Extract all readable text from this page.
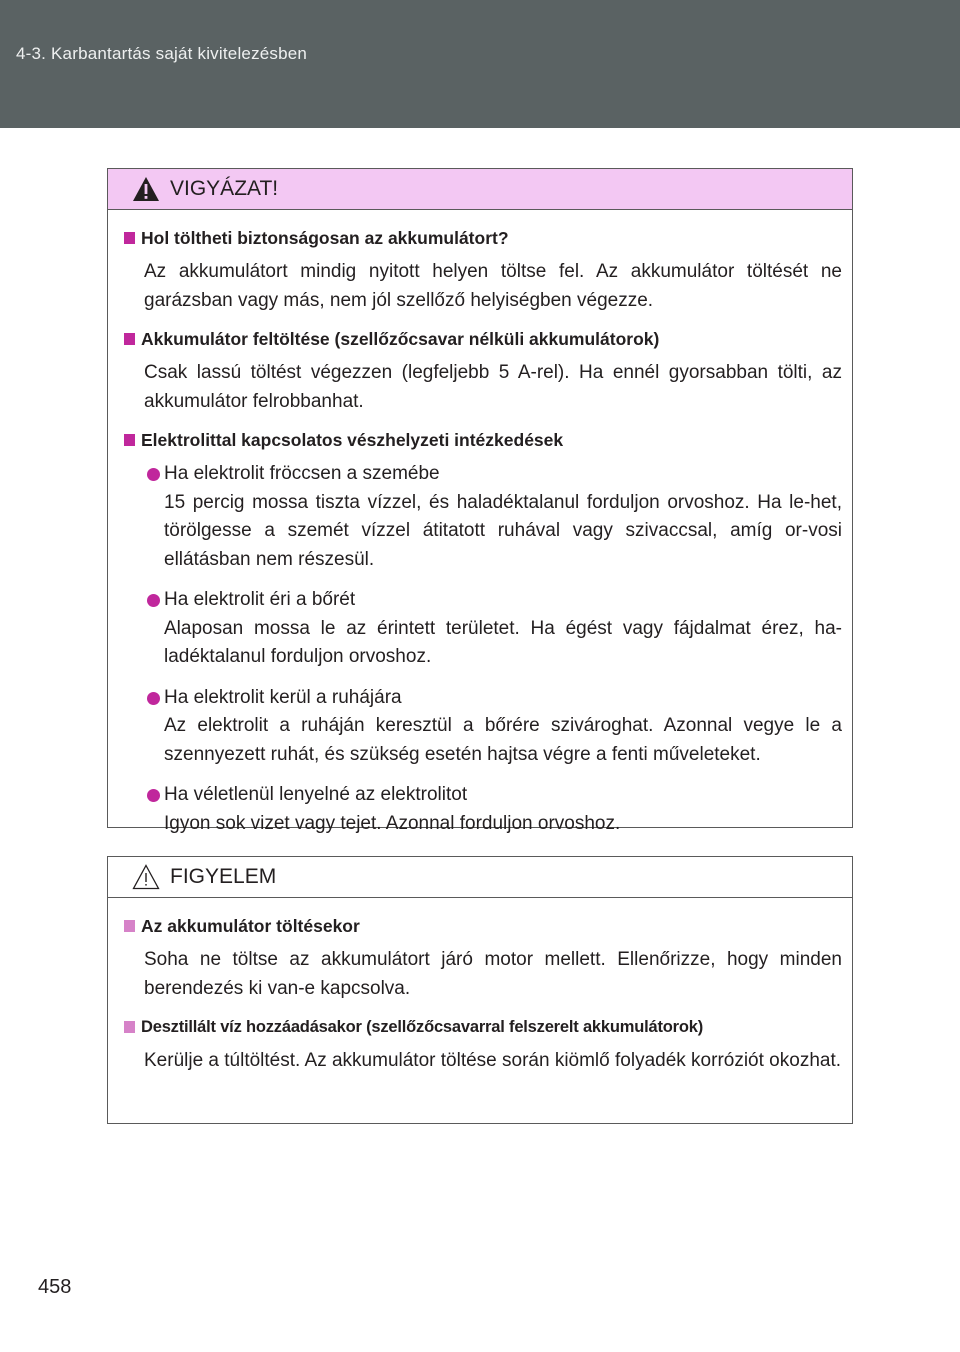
4-3. Karbantartás saját kivitelezésben
VIGYÁZAT!
Hol töltheti biztonságosan az akkumulátort?
Az akkumulátort mindig nyitott helyen töltse fel. Az akkumulátor töltését ne garázsban vagy más, nem jól szellőző helyiségben végezze.
Akkumulátor feltöltése (szellőzőcsavar nélküli akkumulátorok)
Csak lassú töltést végezzen (legfeljebb 5 A-rel). Ha ennél gyorsabban tölti, az akkumulátor felrobbanhat.
Elektrolittal kapcsolatos vészhelyzeti intézkedések
Ha elektrolit fröccsen a szemébe
15 percig mossa tiszta vízzel, és haladéktalanul forduljon orvoshoz. Ha le-het, törölgesse a szemét vízzel átitatott ruhával vagy szivaccsal, amíg or-vosi ellátásban nem részesül.
Ha elektrolit éri a bőrét
Alaposan mossa le az érintett területet. Ha égést vagy fájdalmat érez, ha-ladéktalanul forduljon orvoshoz.
Ha elektrolit kerül a ruhájára
Az elektrolit a ruháján keresztül a bőrére szivároghat. Azonnal vegye le a szennyezett ruhát, és szükség esetén hajtsa végre a fenti műveleteket.
Ha véletlenül lenyelné az elektrolitot
Igyon sok vizet vagy tejet. Azonnal forduljon orvoshoz.
FIGYELEM
Az akkumulátor töltésekor
Soha ne töltse az akkumulátort járó motor mellett. Ellenőrizze, hogy minden berendezés ki van-e kapcsolva.
Desztillált víz hozzáadásakor (szellőzőcsavarral felszerelt akkumulátorok)
Kerülje a túltöltést. Az akkumulátor töltése során kiömlő folyadék korróziót okozhat.
458
